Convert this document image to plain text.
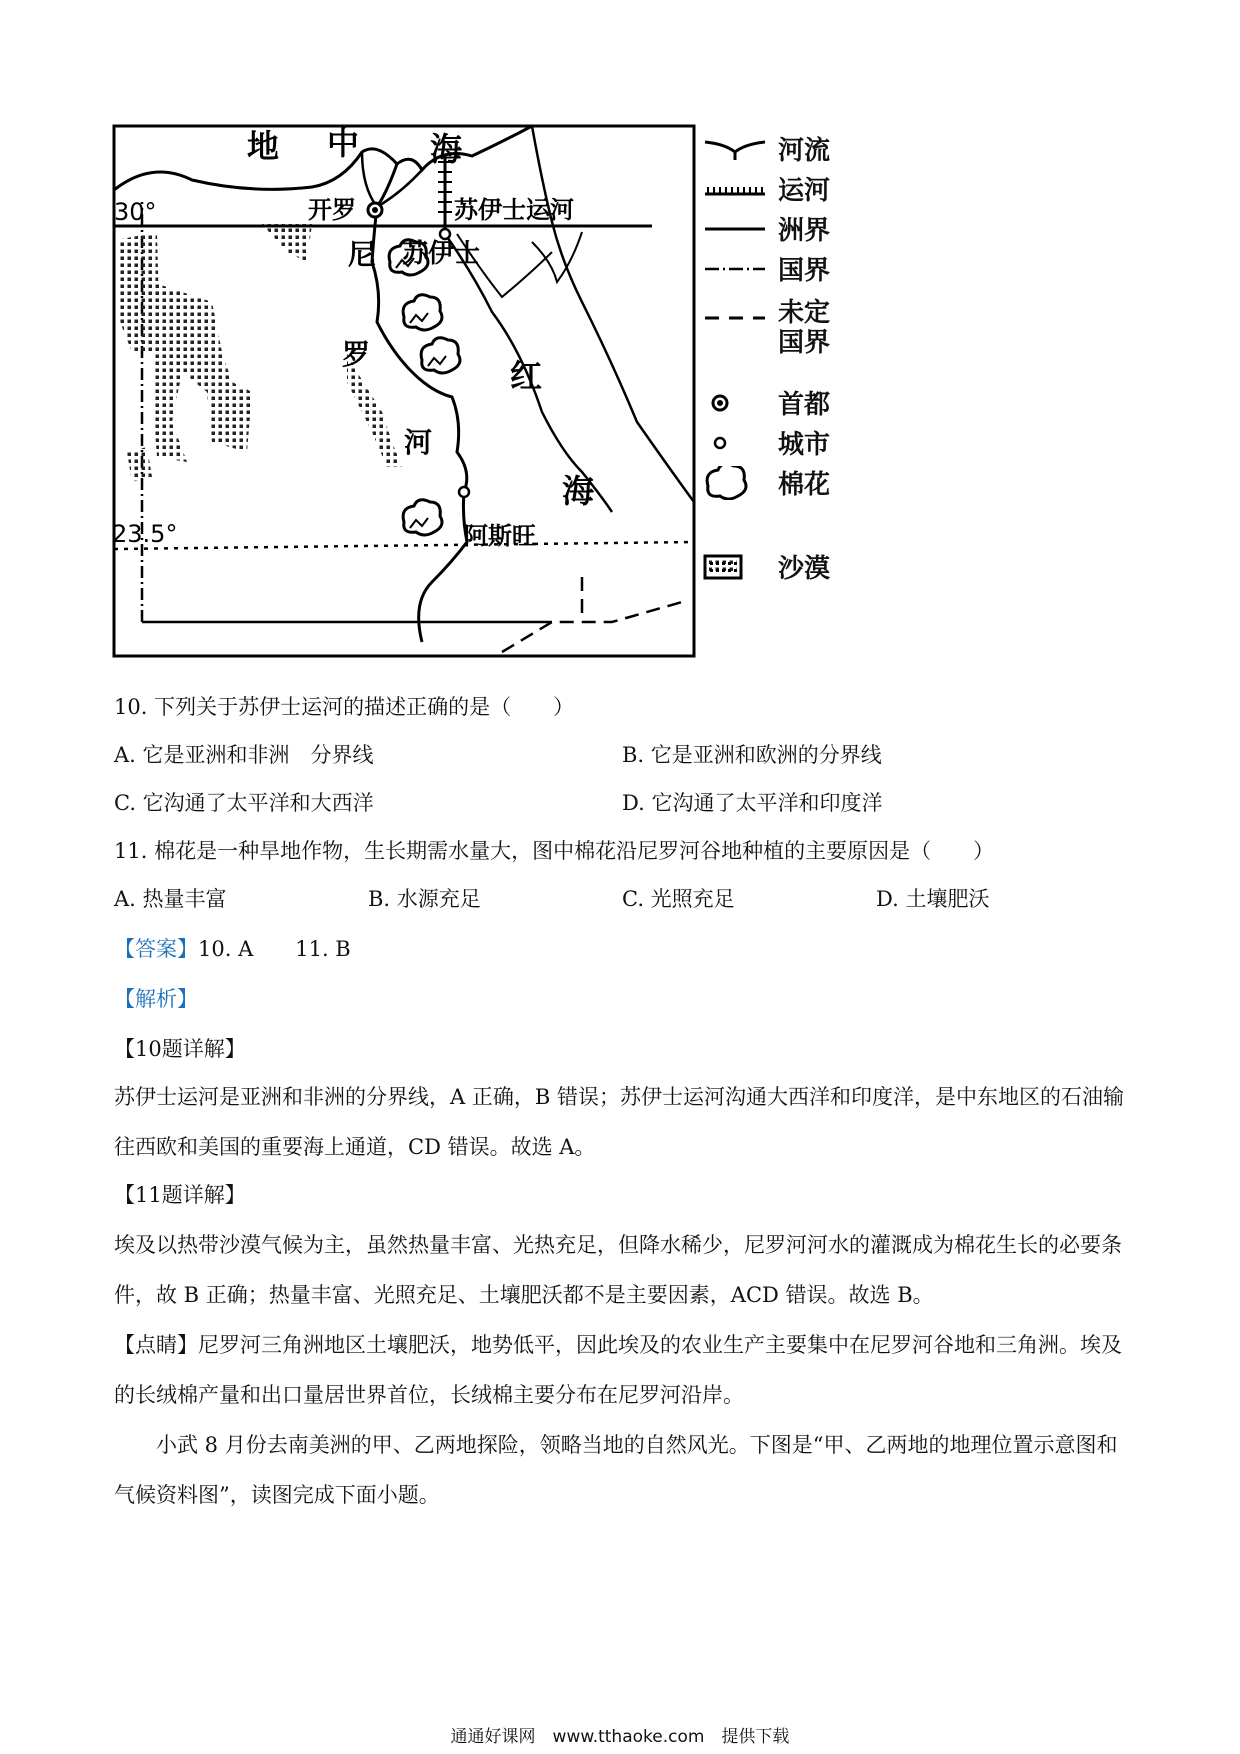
地 中 海
开罗	苏伊士运河
苏伊士
尼
罗
河
红
海
阿斯旺
30°
23.5°
河流
运河
洲界
国界
未定
国界
首都
城市
棉花
沙漠
10. 下列关于苏伊士运河的描述正确的是（　　）
A. 它是亚洲和非洲　分界线	B. 它是亚洲和欧洲的分界线
C. 它沟通了太平洋和大西洋	D. 它沟通了太平洋和印度洋
11. 棉花是一种旱地作物，生长期需水量大，图中棉花沿尼罗河谷地种植的主要原因是（　　）
A. 热量丰富	B. 水源充足	C. 光照充足	D. 土壤肥沃
【答案】10. A　　11. B
【解析】
【10题详解】
苏伊士运河是亚洲和非洲的分界线，A 正确，B 错误；苏伊士运河沟通大西洋和印度洋，是中东地区的石油输往西欧和美国的重要海上通道，CD 错误。故选 A。
【11题详解】
埃及以热带沙漠气候为主，虽然热量丰富、光热充足，但降水稀少，尼罗河河水的灌溉成为棉花生长的必要条件，故 B 正确；热量丰富、光照充足、土壤肥沃都不是主要因素，ACD 错误。故选 B。
【点睛】尼罗河三角洲地区土壤肥沃，地势低平，因此埃及的农业生产主要集中在尼罗河谷地和三角洲。埃及的长绒棉产量和出口量居世界首位，长绒棉主要分布在尼罗河沿岸。
小武 8 月份去南美洲的甲、乙两地探险，领略当地的自然风光。下图是“甲、乙两地的地理位置示意图和气候资料图”，读图完成下面小题。
通通好课网　www.tthaoke.com　提供下载
